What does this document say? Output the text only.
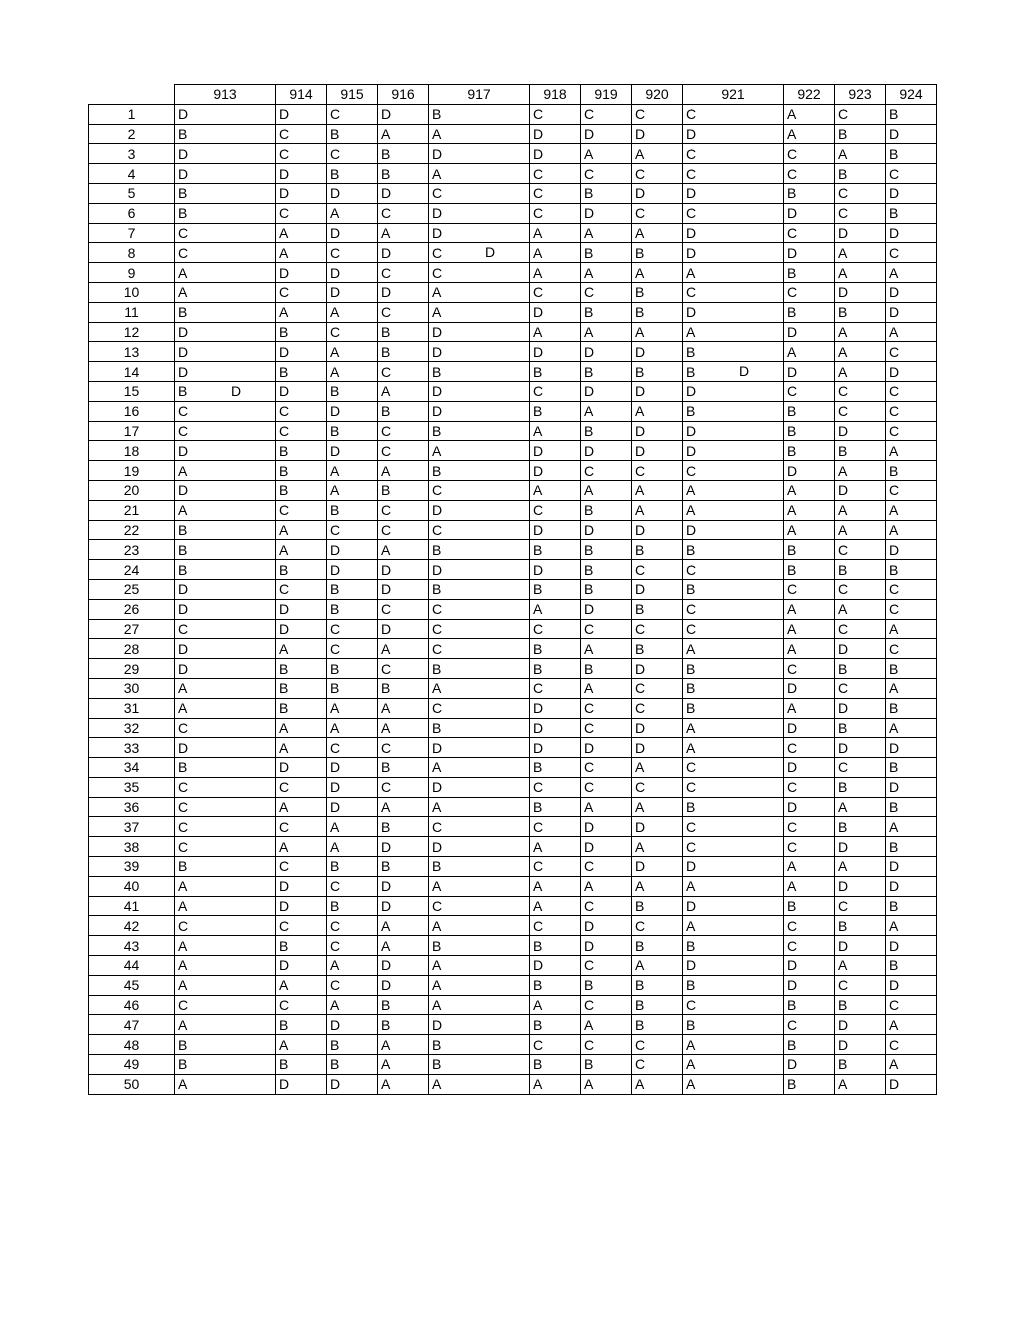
	913	914	915	916	917	918	919	920	921	922	923	924
1	D	D	C	D	B	C	C	C	C	A	C	B
2	B	C	B	A	A	D	D	D	D	A	B	D
3	D	C	C	B	D	D	A	A	C	C	A	B
4	D	D	B	B	A	C	C	C	C	C	B	C
5	B	D	D	D	C	C	B	D	D	B	C	D
6	B	C	A	C	D	C	D	C	C	D	C	B
7	C	A	D	A	D	A	A	A	D	C	D	D
8	C	A	C	D	C D	A	B	B	D	D	A	C
9	A	D	D	C	C	A	A	A	A	B	A	A
10	A	C	D	D	A	C	C	B	C	C	D	D
11	B	A	A	C	A	D	B	B	D	B	B	D
12	D	B	C	B	D	A	A	A	A	D	A	A
13	D	D	A	B	D	D	D	D	B	A	A	C
14	D	B	A	C	B	B	B	B	B D	D	A	D
15	B D	D	B	A	D	C	D	D	D	C	C	C
16	C	C	D	B	D	B	A	A	B	B	C	C
17	C	C	B	C	B	A	B	D	D	B	D	C
18	D	B	D	C	A	D	D	D	D	B	B	A
19	A	B	A	A	B	D	C	C	C	D	A	B
20	D	B	A	B	C	A	A	A	A	A	D	C
21	A	C	B	C	D	C	B	A	A	A	A	A
22	B	A	C	C	C	D	D	D	D	A	A	A
23	B	A	D	A	B	B	B	B	B	B	C	D
24	B	B	D	D	D	D	B	C	C	B	B	B
25	D	C	B	D	B	B	B	D	B	C	C	C
26	D	D	B	C	C	A	D	B	C	A	A	C
27	C	D	C	D	C	C	C	C	C	A	C	A
28	D	A	C	A	C	B	A	B	A	A	D	C
29	D	B	B	C	B	B	B	D	B	C	B	B
30	A	B	B	B	A	C	A	C	B	D	C	A
31	A	B	A	A	C	D	C	C	B	A	D	B
32	C	A	A	A	B	D	C	D	A	D	B	A
33	D	A	C	C	D	D	D	D	A	C	D	D
34	B	D	D	B	A	B	C	A	C	D	C	B
35	C	C	D	C	D	C	C	C	C	C	B	D
36	C	A	D	A	A	B	A	A	B	D	A	B
37	C	C	A	B	C	C	D	D	C	C	B	A
38	C	A	A	D	D	A	D	A	C	C	D	B
39	B	C	B	B	B	C	C	D	D	A	A	D
40	A	D	C	D	A	A	A	A	A	A	D	D
41	A	D	B	D	C	A	C	B	D	B	C	B
42	C	C	C	A	A	C	D	C	A	C	B	A
43	A	B	C	A	B	B	D	B	B	C	D	D
44	A	D	A	D	A	D	C	A	D	D	A	B
45	A	A	C	D	A	B	B	B	B	D	C	D
46	C	C	A	B	A	A	C	B	C	B	B	C
47	A	B	D	B	D	B	A	B	B	C	D	A
48	B	A	B	A	B	C	C	C	A	B	D	C
49	B	B	B	A	B	B	B	C	A	D	B	A
50	A	D	D	A	A	A	A	A	A	B	A	D
